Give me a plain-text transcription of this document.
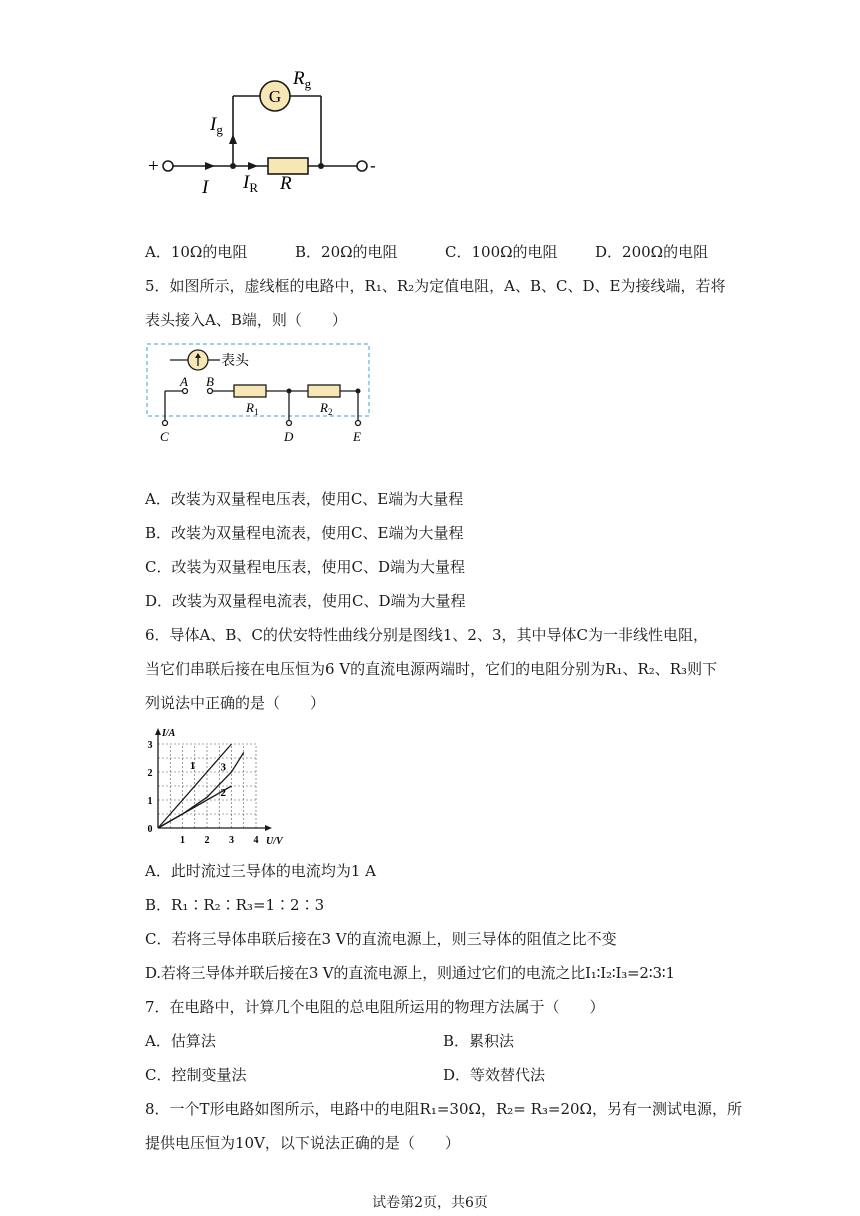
G
$R_g$
$I_g$
+	-
I $I_R$ R
A．10Ω的电阻	B．20Ω的电阻	C．100Ω的电阻 D．200Ω的电阻
5．如图所示，虚线框的电路中，R₁、R₂为定值电阻，A、B、C、D、E为接线端，若将
表头接入A、B端，则（　　）
表头
A B
C	D	E
$R_1$	$R_2$
A．改装为双量程电压表，使用C、E端为大量程
B．改装为双量程电流表，使用C、E端为大量程
C．改装为双量程电压表，使用C、D端为大量程
D．改装为双量程电流表，使用C、D端为大量程
6．导体A、B、C的伏安特性曲线分别是图线1、2、3，其中导体C为一非线性电阻，
当它们串联后接在电压恒为6 V的直流电源两端时，它们的电阻分别为R₁、R₂、R₃则下
列说法中正确的是（　　）
1 2 3 4
0
1
2
3
U/V
I/A
1 3
2
A．此时流过三导体的电流均为1 A
B．R₁∶R₂∶R₃=1∶2∶3
C．若将三导体串联后接在3 V的直流电源上，则三导体的阻值之比不变
D.若将三导体并联后接在3 V的直流电源上，则通过它们的电流之比I₁∶I₂∶I₃=2∶3∶1
7．在电路中，计算几个电阻的总电阻所运用的物理方法属于（　　）
A．估算法	B．累积法
C．控制变量法	D．等效替代法
8．一个T形电路如图所示，电路中的电阻R₁=30Ω，R₂= R₃=20Ω，另有一测试电源，所
提供电压恒为10V，以下说法正确的是（　　）
试卷第2页，共6页
